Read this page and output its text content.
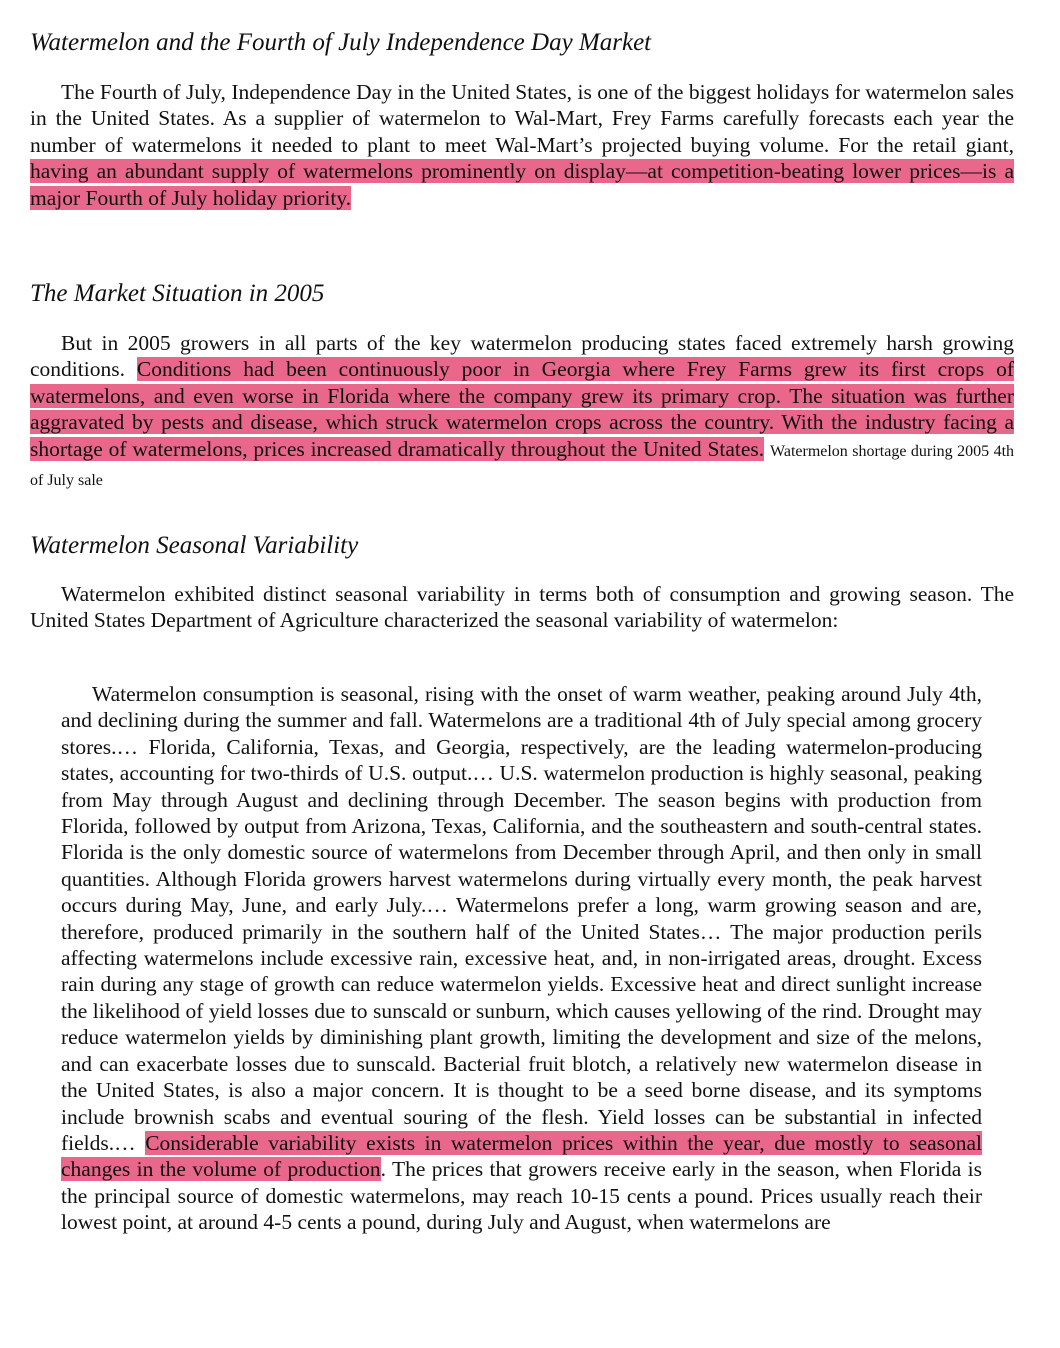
Watermelon and the Fourth of July Independence Day Market

The Fourth of July, Independence Day in the United States, is one of the biggest holidays for watermelon sales in the United States. As a supplier of watermelon to Wal-Mart, Frey Farms carefully forecasts each year the number of watermelons it needed to plant to meet Wal-Mart’s projected buying volume. For the retail giant, having an abundant supply of watermelons prominently on display—at competition-beating lower prices—is a major Fourth of July holiday priority.

The Market Situation in 2005

But in 2005 growers in all parts of the key watermelon producing states faced extremely harsh growing conditions. Conditions had been continuously poor in Georgia where Frey Farms grew its first crops of watermelons, and even worse in Florida where the company grew its primary crop. The situation was further aggravated by pests and disease, which struck watermelon crops across the country. With the industry facing a shortage of watermelons, prices increased dramatically throughout the United States. Watermelon shortage during 2005 4th of July sale

Watermelon Seasonal Variability

Watermelon exhibited distinct seasonal variability in terms both of consumption and growing season. The United States Department of Agriculture characterized the seasonal variability of watermelon:

Watermelon consumption is seasonal, rising with the onset of warm weather, peaking around July 4th, and declining during the summer and fall. Watermelons are a traditional 4th of July special among grocery stores.… Florida, California, Texas, and Georgia, respectively, are the leading watermelon-producing states, accounting for two-thirds of U.S. output.… U.S. watermelon production is highly seasonal, peaking from May through August and declining through December. The season begins with production from Florida, followed by output from Arizona, Texas, California, and the southeastern and south-central states. Florida is the only domestic source of watermelons from December through April, and then only in small quantities. Although Florida growers harvest watermelons during virtually every month, the peak harvest occurs during May, June, and early July.… Watermelons prefer a long, warm growing season and are, therefore, produced primarily in the southern half of the United States… The major production perils affecting watermelons include excessive rain, excessive heat, and, in non-irrigated areas, drought. Excess rain during any stage of growth can reduce watermelon yields. Excessive heat and direct sunlight increase the likelihood of yield losses due to sunscald or sunburn, which causes yellowing of the rind. Drought may reduce watermelon yields by diminishing plant growth, limiting the development and size of the melons, and can exacerbate losses due to sunscald. Bacterial fruit blotch, a relatively new watermelon disease in the United States, is also a major concern. It is thought to be a seed borne disease, and its symptoms include brownish scabs and eventual souring of the flesh. Yield losses can be substantial in infected fields.… Considerable variability exists in watermelon prices within the year, due mostly to seasonal changes in the volume of production. The prices that growers receive early in the season, when Florida is the principal source of domestic watermelons, may reach 10-15 cents a pound. Prices usually reach their lowest point, at around 4-5 cents a pound, during July and August, when watermelons are
